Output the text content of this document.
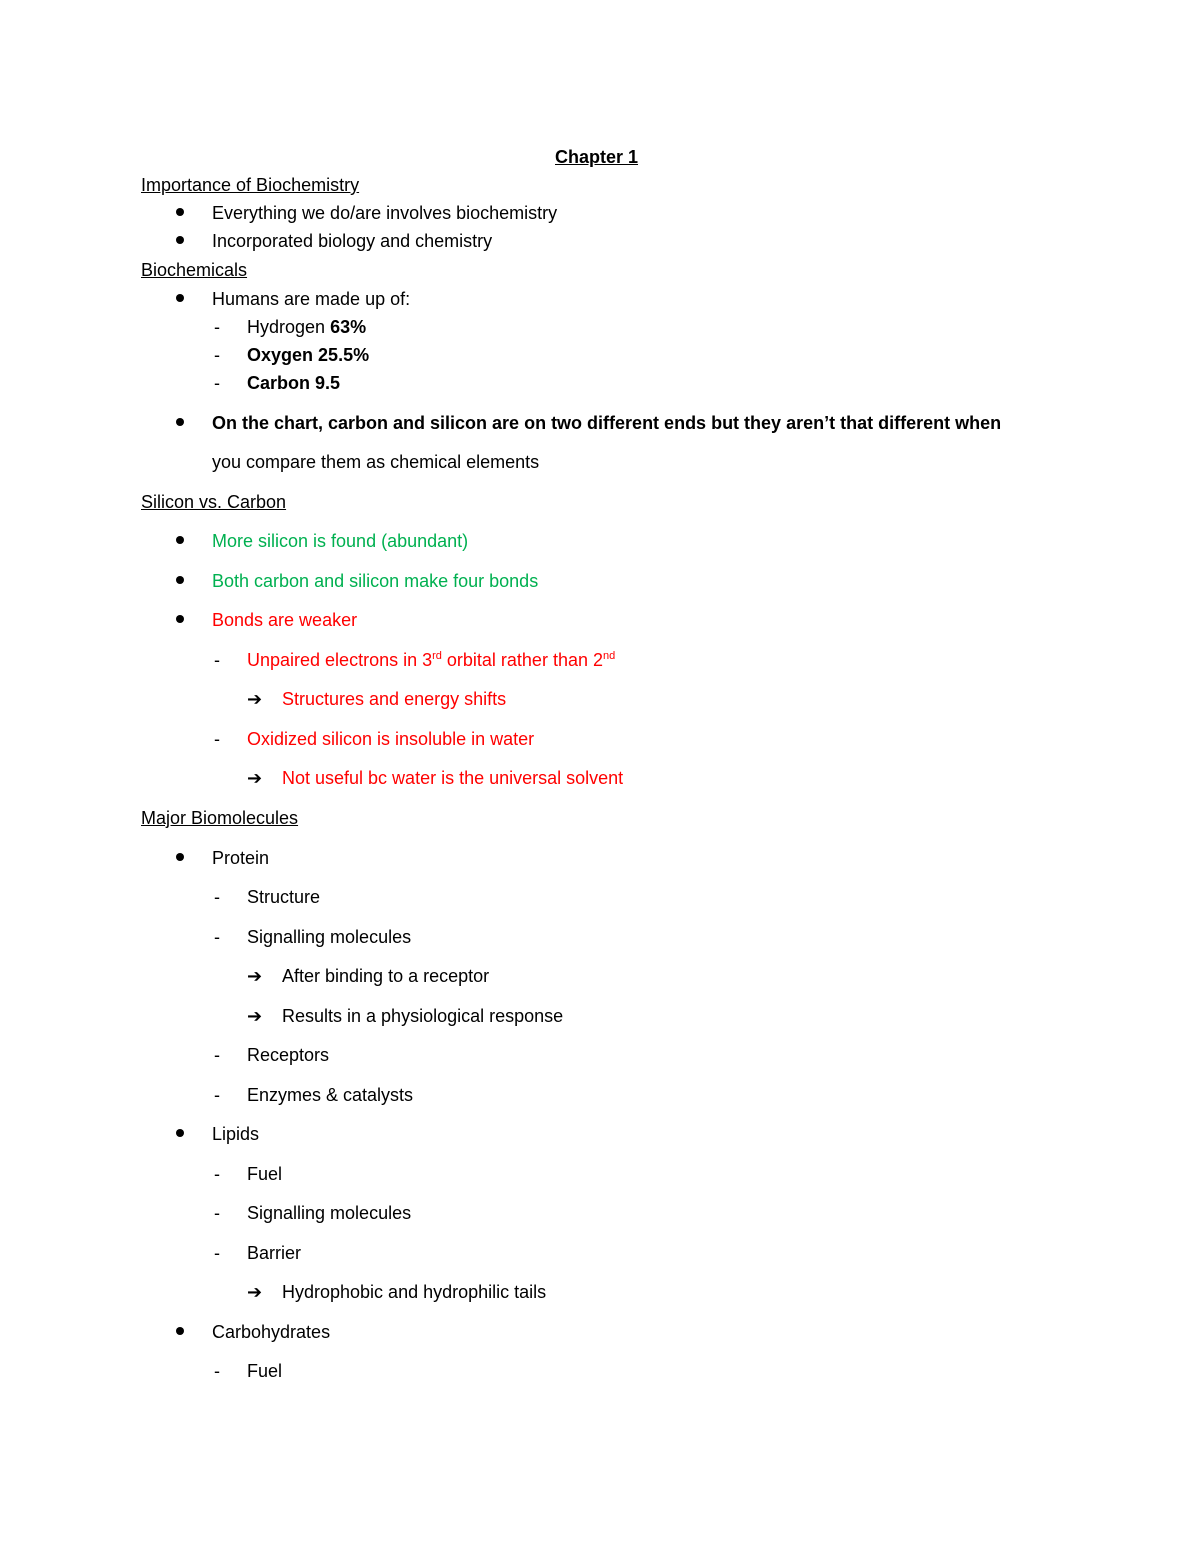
Chapter 1
Importance of Biochemistry
Everything we do/are involves biochemistry
Incorporated biology and chemistry
Biochemicals
Humans are made up of:
- Hydrogen 63%
- Oxygen 25.5%
- Carbon 9.5
On the chart, carbon and silicon are on two different ends but they aren’t that different when
you compare them as chemical elements
Silicon vs. Carbon
More silicon is found (abundant)
Both carbon and silicon make four bonds
Bonds are weaker
- Unpaired electrons in 3rd orbital rather than 2nd
➔ Structures and energy shifts
- Oxidized silicon is insoluble in water
➔ Not useful bc water is the universal solvent
Major Biomolecules
Protein
- Structure
- Signalling molecules
➔ After binding to a receptor
➔ Results in a physiological response
- Receptors
- Enzymes & catalysts
Lipids
- Fuel
- Signalling molecules
- Barrier
➔ Hydrophobic and hydrophilic tails
Carbohydrates
- Fuel
